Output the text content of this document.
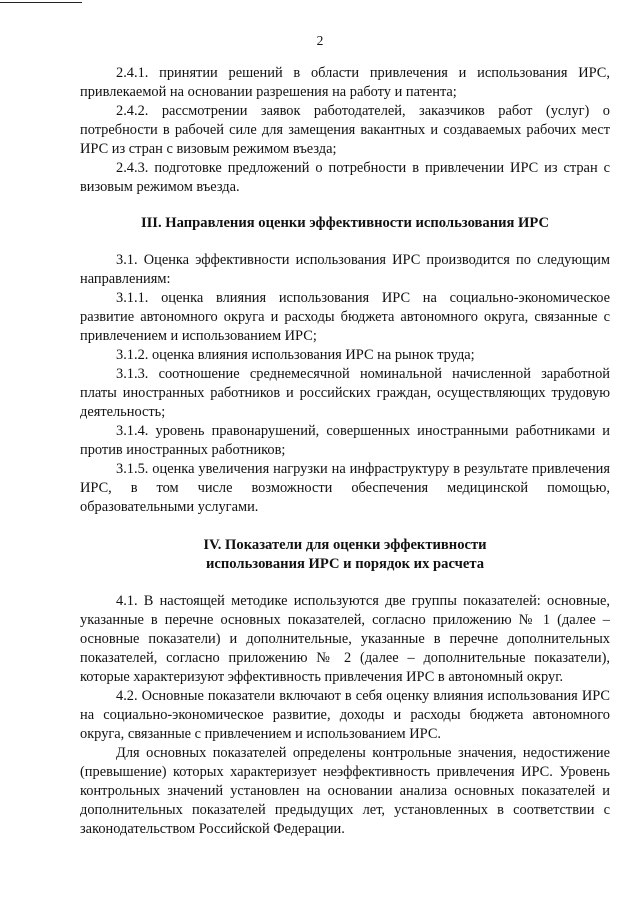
2

2.4.1. принятии решений в области привлечения и использования ИРС, привлекаемой на основании разрешения на работу и патента;

2.4.2. рассмотрении заявок работодателей, заказчиков работ (услуг) о потребности в рабочей силе для замещения вакантных и создаваемых рабочих мест ИРС из стран с визовым режимом въезда;

2.4.3. подготовке предложений о потребности в привлечении ИРС из стран с визовым режимом въезда.

III. Направления оценки эффективности использования ИРС

3.1. Оценка эффективности использования ИРС производится по следующим направлениям:

3.1.1. оценка влияния использования ИРС на социально-экономическое развитие автономного округа и расходы бюджета автономного округа, связанные с привлечением и использованием ИРС;

3.1.2. оценка влияния использования ИРС на рынок труда;

3.1.3. соотношение среднемесячной номинальной начисленной заработной платы иностранных работников и российских граждан, осуществляющих трудовую деятельность;

3.1.4. уровень правонарушений, совершенных иностранными работниками и против иностранных работников;

3.1.5. оценка увеличения нагрузки на инфраструктуру в результате привлечения ИРС, в том числе возможности обеспечения медицинской помощью, образовательными услугами.

IV. Показатели для оценки эффективности
использования ИРС и порядок их расчета

4.1. В настоящей методике используются две группы показателей: основные, указанные в перечне основных показателей, согласно приложению № 1 (далее – основные показатели) и дополнительные, указанные в перечне дополнительных показателей, согласно приложению № 2 (далее – дополнительные показатели), которые характеризуют эффективность привлечения ИРС в автономный округ.

4.2. Основные показатели включают в себя оценку влияния использования ИРС на социально-экономическое развитие, доходы и расходы бюджета автономного округа, связанные с привлечением и использованием ИРС.

Для основных показателей определены контрольные значения, недостижение (превышение) которых характеризует неэффективность привлечения ИРС. Уровень контрольных значений установлен на основании анализа основных показателей и дополнительных показателей предыдущих лет, установленных в соответствии с законодательством Российской Федерации.
